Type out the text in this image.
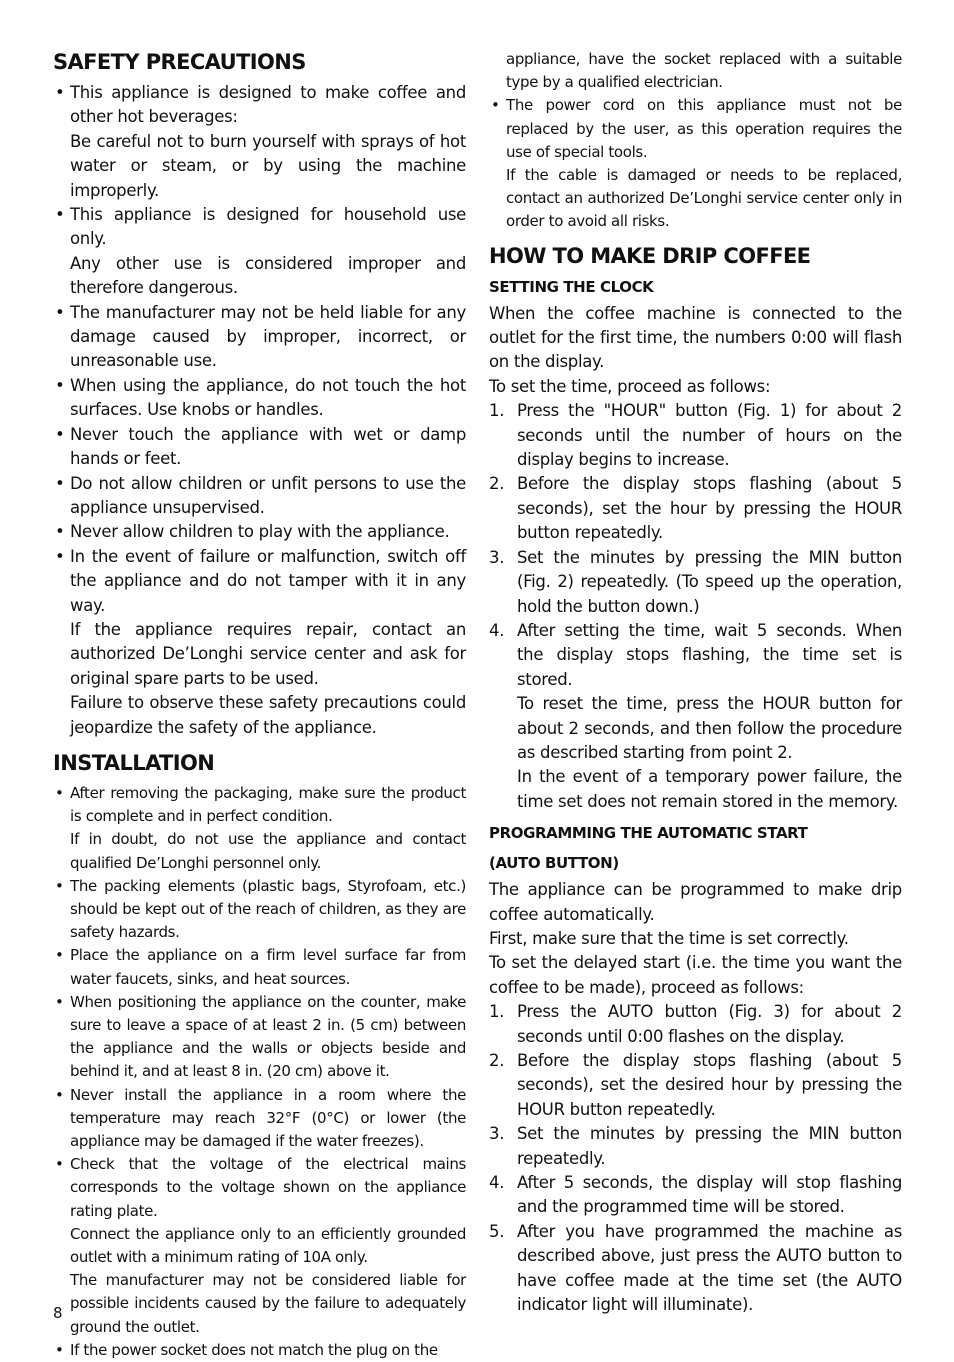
SAFETY PRECAUTIONS
• This appliance is designed to make coffee and other hot beverages:

Be careful not to burn yourself with sprays of hot water or steam, or by using the machine improperly.

• This appliance is designed for household use only.

Any other use is considered improper and therefore dangerous.

• The manufacturer may not be held liable for any damage caused by improper, incorrect, or unreasonable use.

• When using the appliance, do not touch the hot surfaces. Use knobs or handles.

• Never touch the appliance with wet or damp hands or feet.

• Do not allow children or unfit persons to use the appliance unsupervised.

• Never allow children to play with the appliance.

• In the event of failure or malfunction, switch off the appliance and do not tamper with it in any way.

If the appliance requires repair, contact an authorized De’Longhi service center and ask for original spare parts to be used.

Failure to observe these safety precautions could jeopardize the safety of the appliance.

INSTALLATION
• After removing the packaging, make sure the product is complete and in perfect condition.

If in doubt, do not use the appliance and contact qualified De’Longhi personnel only.

• The packing elements (plastic bags, Styrofoam, etc.) should be kept out of the reach of children, as they are safety hazards.

• Place the appliance on a firm level surface far from water faucets, sinks, and heat sources.

• When positioning the appliance on the counter, make sure to leave a space of at least 2 in. (5 cm) between the appliance and the walls or objects beside and behind it, and at least 8 in. (20 cm) above it.

• Never install the appliance in a room where the temperature may reach 32°F (0°C) or lower (the appliance may be damaged if the water freezes).

• Check that the voltage of the electrical mains corresponds to the voltage shown on the appliance rating plate.

Connect the appliance only to an efficiently grounded outlet with a minimum rating of 10A only.

The manufacturer may not be considered liable for possible incidents caused by the failure to adequately ground the outlet.

• If the power socket does not match the plug on the

appliance, have the socket replaced with a suitable type by a qualified electrician.

• The power cord on this appliance must not be replaced by the user, as this operation requires the use of special tools.

If the cable is damaged or needs to be replaced, contact an authorized De’Longhi service center only in order to avoid all risks.

HOW TO MAKE DRIP COFFEE
SETTING THE CLOCK

When the coffee machine is connected to the outlet for the first time, the numbers 0:00 will flash on the display.

To set the time, proceed as follows:

1. Press the "HOUR" button (Fig. 1) for about 2 seconds until the number of hours on the display begins to increase.

2. Before the display stops flashing (about 5 seconds), set the hour by pressing the HOUR button repeatedly.

3. Set the minutes by pressing the MIN button (Fig. 2) repeatedly. (To speed up the operation, hold the button down.)

4. After setting the time, wait 5 seconds. When the display stops flashing, the time set is stored.

To reset the time, press the HOUR button for about 2 seconds, and then follow the procedure as described starting from point 2.

In the event of a temporary power failure, the time set does not remain stored in the memory.

PROGRAMMING THE AUTOMATIC START
(AUTO BUTTON)

The appliance can be programmed to make drip coffee automatically.

First, make sure that the time is set correctly.

To set the delayed start (i.e. the time you want the coffee to be made), proceed as follows:

1. Press the AUTO button (Fig. 3) for about 2 seconds until 0:00 flashes on the display.

2. Before the display stops flashing (about 5 seconds), set the desired hour by pressing the HOUR button repeatedly.

3. Set the minutes by pressing the MIN button repeatedly.

4. After 5 seconds, the display will stop flashing and the programmed time will be stored.

5. After you have programmed the machine as described above, just press the AUTO button to have coffee made at the time set (the AUTO indicator light will illuminate).

8
